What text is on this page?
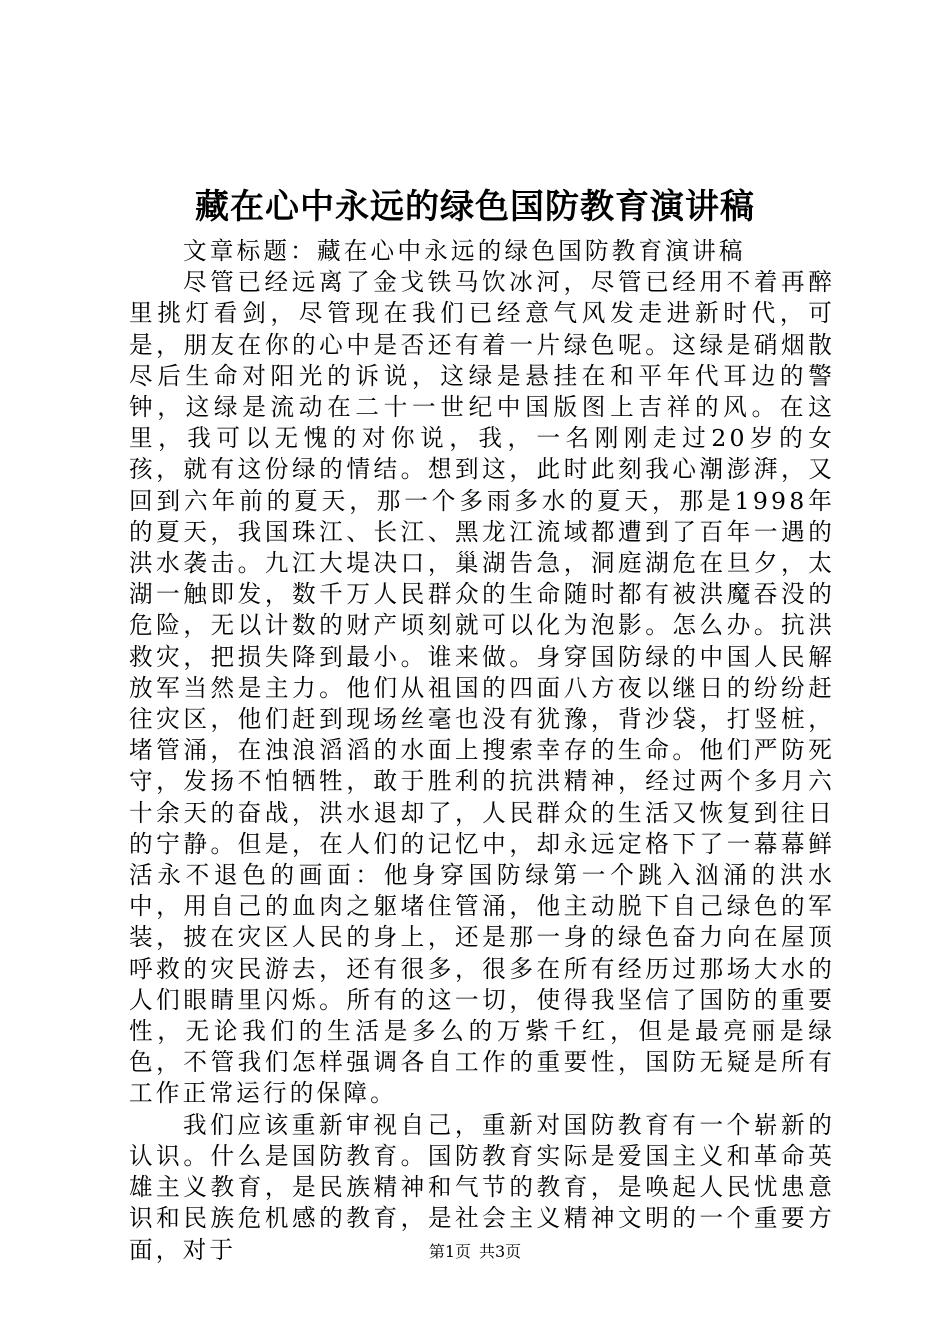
藏在心中永远的绿色国防教育演讲稿

文章标题：藏在心中永远的绿色国防教育演讲稿

尽管已经远离了金戈铁马饮冰河，尽管已经用不着再醉里挑灯看剑，尽管现在我们已经意气风发走进新时代，可是，朋友在你的心中是否还有着一片绿色呢。这绿是硝烟散尽后生命对阳光的诉说，这绿是悬挂在和平年代耳边的警钟，这绿是流动在二十一世纪中国版图上吉祥的风。在这里，我可以无愧的对你说，我，一名刚刚走过20岁的女孩，就有这份绿的情结。想到这，此时此刻我心潮澎湃，又回到六年前的夏天，那一个多雨多水的夏天，那是1998年的夏天，我国珠江、长江、黑龙江流域都遭到了百年一遇的洪水袭击。九江大堤决口，巢湖告急，洞庭湖危在旦夕，太湖一触即发，数千万人民群众的生命随时都有被洪魔吞没的危险，无以计数的财产顷刻就可以化为泡影。怎么办。抗洪救灾，把损失降到最小。谁来做。身穿国防绿的中国人民解放军当然是主力。他们从祖国的四面八方夜以继日的纷纷赶往灾区，他们赶到现场丝毫也没有犹豫，背沙袋，打竖桩，堵管涌，在浊浪滔滔的水面上搜索幸存的生命。他们严防死守，发扬不怕牺牲，敢于胜利的抗洪精神，经过两个多月六十余天的奋战，洪水退却了，人民群众的生活又恢复到往日的宁静。但是，在人们的记忆中，却永远定格下了一幕幕鲜活永不退色的画面：他身穿国防绿第一个跳入汹涌的洪水中，用自己的血肉之躯堵住管涌，他主动脱下自己绿色的军装，披在灾区人民的身上，还是那一身的绿色奋力向在屋顶呼救的灾民游去，还有很多，很多在所有经历过那场大水的人们眼睛里闪烁。所有的这一切，使得我坚信了国防的重要性，无论我们的生活是多么的万紫千红，但是最亮丽是绿色，不管我们怎样强调各自工作的重要性，国防无疑是所有工作正常运行的保障。

我们应该重新审视自己，重新对国防教育有一个崭新的认识。什么是国防教育。国防教育实际是爱国主义和革命英雄主义教育，是民族精神和气节的教育，是唤起人民忧患意识和民族危机感的教育，是社会主义精神文明的一个重要方面，对于	第1页 共3页
